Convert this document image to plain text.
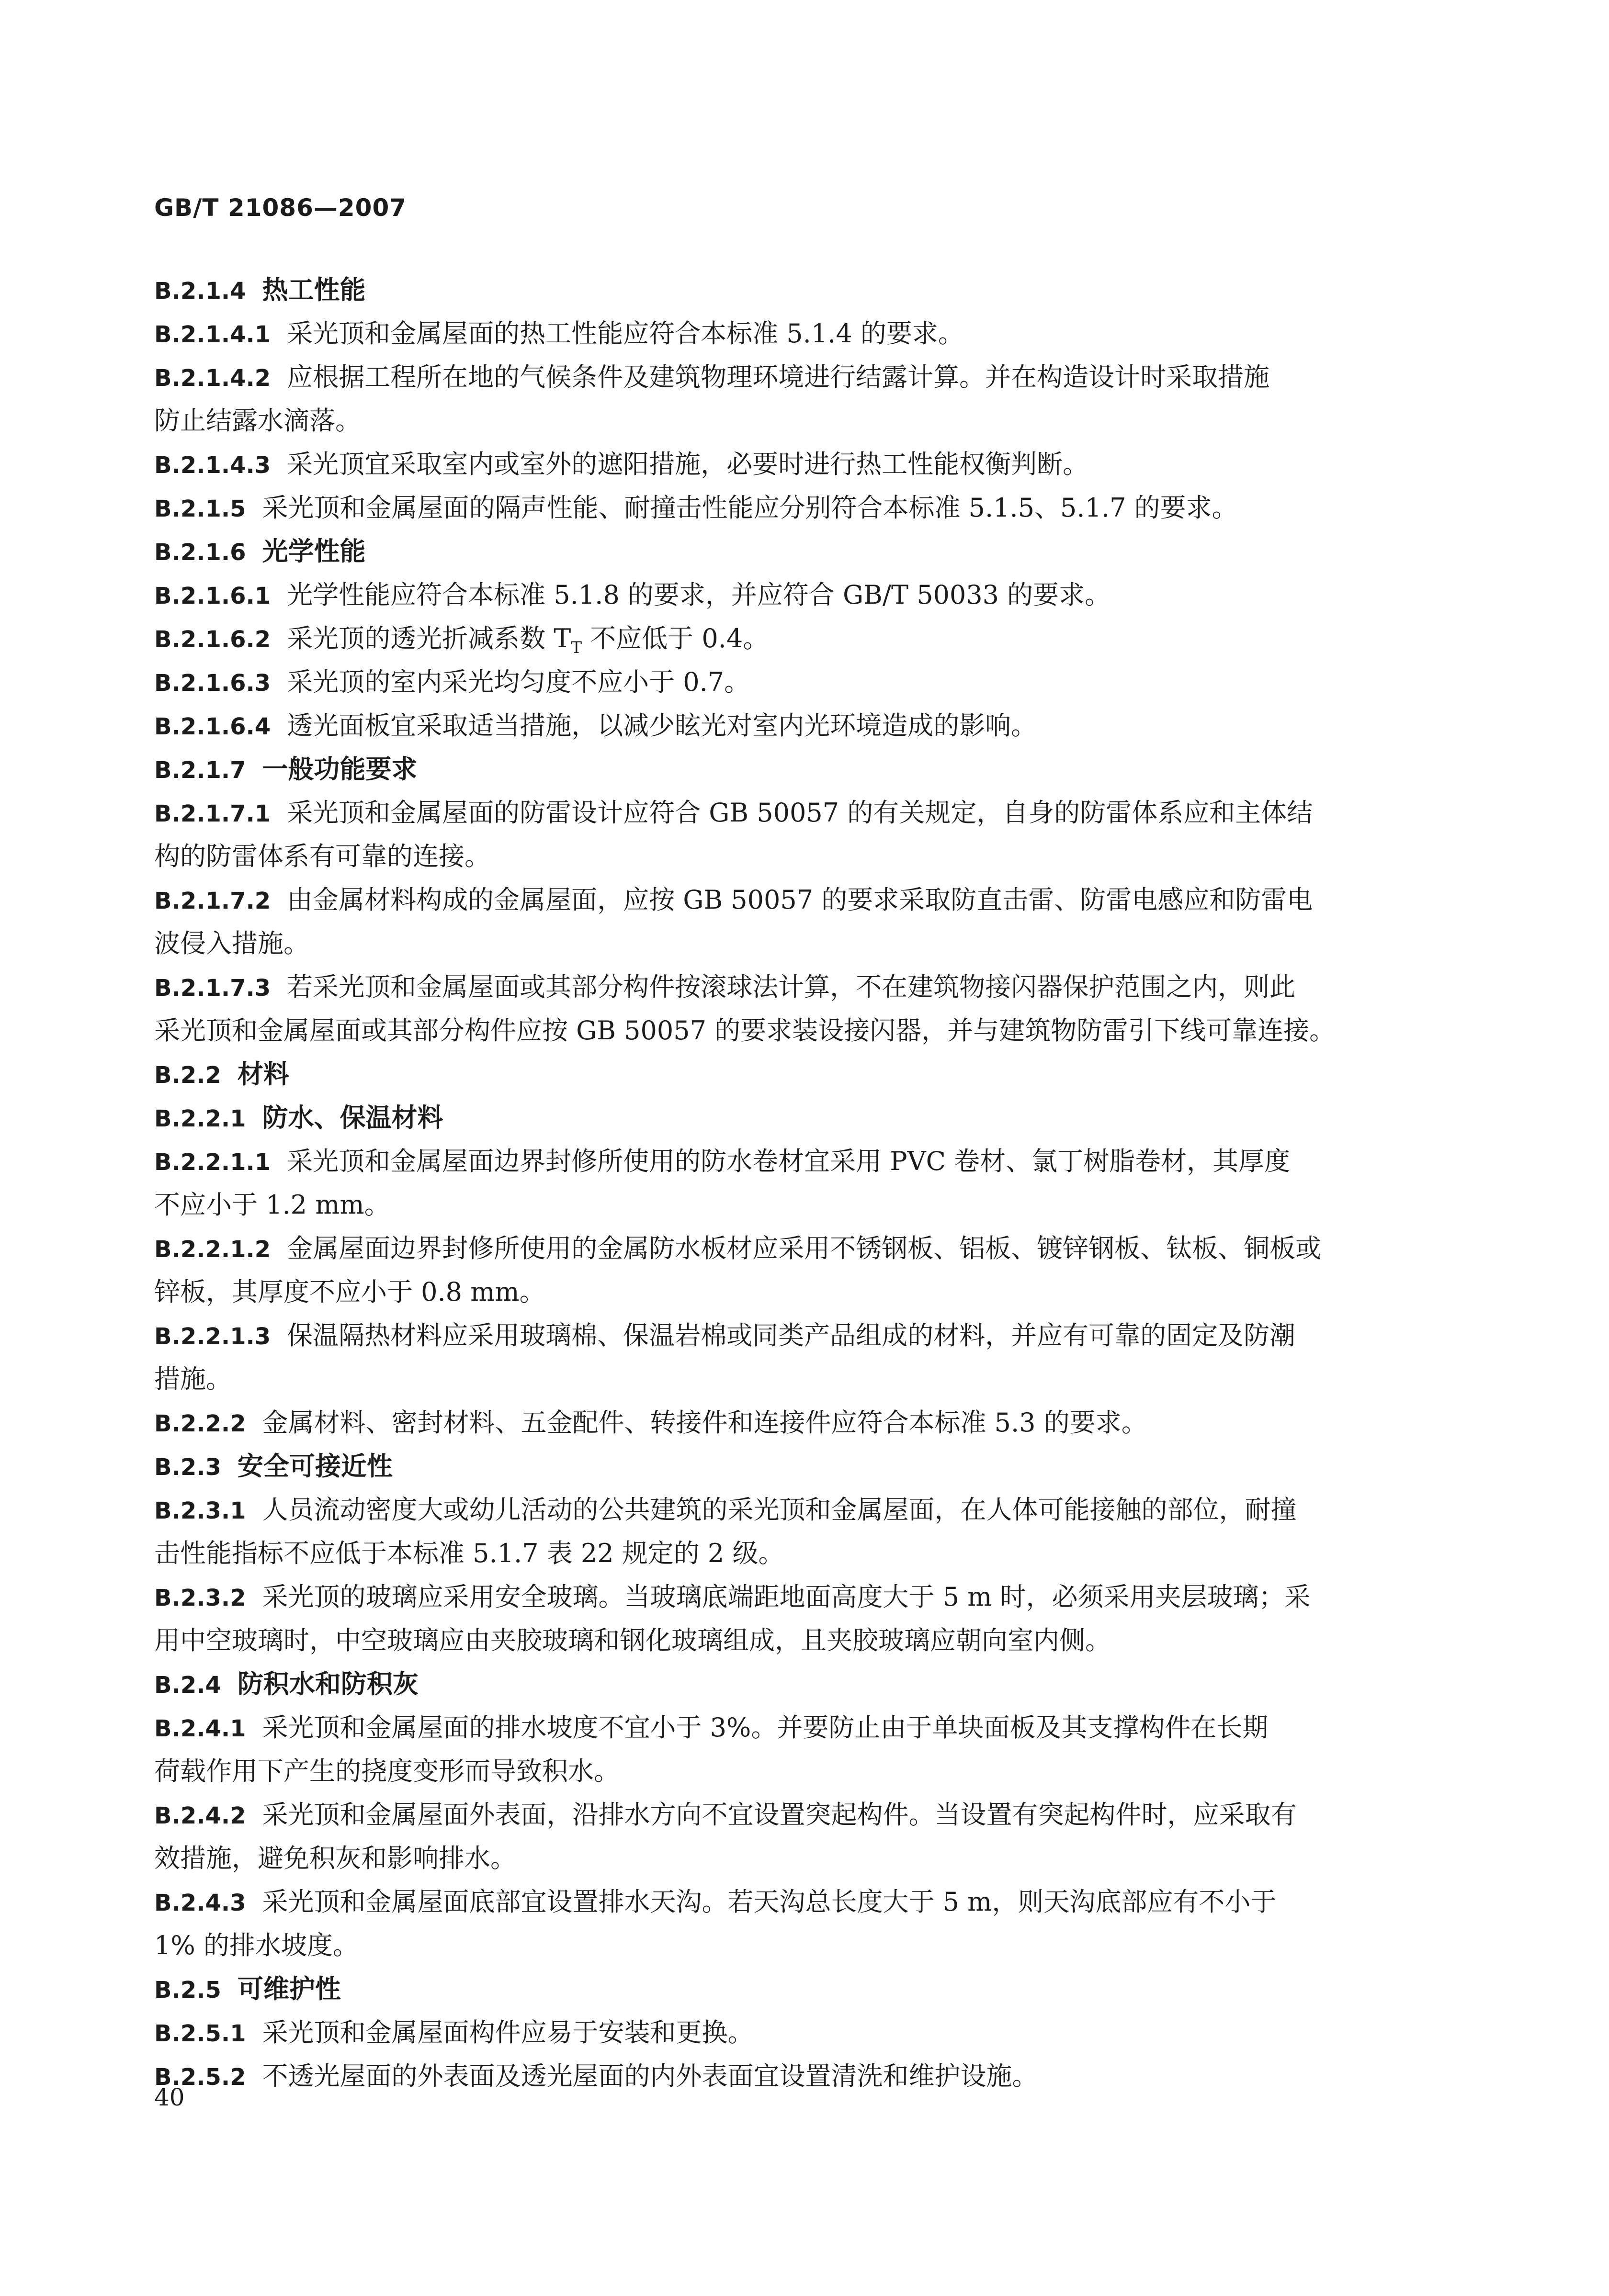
GB/T 21086—2007
B.2.1.4 热工性能
B.2.1.4.1 采光顶和金属屋面的热工性能应符合本标准 5.1.4 的要求。
B.2.1.4.2 应根据工程所在地的气候条件及建筑物理环境进行结露计算。并在构造设计时采取措施
防止结露水滴落。
B.2.1.4.3 采光顶宜采取室内或室外的遮阳措施，必要时进行热工性能权衡判断。
B.2.1.5 采光顶和金属屋面的隔声性能、耐撞击性能应分别符合本标准 5.1.5、5.1.7 的要求。
B.2.1.6 光学性能
B.2.1.6.1 光学性能应符合本标准 5.1.8 的要求，并应符合 GB/T 50033 的要求。
B.2.1.6.2 采光顶的透光折减系数 $T_T$ 不应低于 0.4。
B.2.1.6.3 采光顶的室内采光均匀度不应小于 0.7。
B.2.1.6.4 透光面板宜采取适当措施，以减少眩光对室内光环境造成的影响。
B.2.1.7 一般功能要求
B.2.1.7.1 采光顶和金属屋面的防雷设计应符合 GB 50057 的有关规定，自身的防雷体系应和主体结
构的防雷体系有可靠的连接。
B.2.1.7.2 由金属材料构成的金属屋面，应按 GB 50057 的要求采取防直击雷、防雷电感应和防雷电
波侵入措施。
B.2.1.7.3 若采光顶和金属屋面或其部分构件按滚球法计算，不在建筑物接闪器保护范围之内，则此
采光顶和金属屋面或其部分构件应按 GB 50057 的要求装设接闪器，并与建筑物防雷引下线可靠连接。
B.2.2 材料
B.2.2.1 防水、保温材料
B.2.2.1.1 采光顶和金属屋面边界封修所使用的防水卷材宜采用 PVC 卷材、氯丁树脂卷材，其厚度
不应小于 1.2 mm。
B.2.2.1.2 金属屋面边界封修所使用的金属防水板材应采用不锈钢板、铝板、镀锌钢板、钛板、铜板或
锌板，其厚度不应小于 0.8 mm。
B.2.2.1.3 保温隔热材料应采用玻璃棉、保温岩棉或同类产品组成的材料，并应有可靠的固定及防潮
措施。
B.2.2.2 金属材料、密封材料、五金配件、转接件和连接件应符合本标准 5.3 的要求。
B.2.3 安全可接近性
B.2.3.1 人员流动密度大或幼儿活动的公共建筑的采光顶和金属屋面，在人体可能接触的部位，耐撞
击性能指标不应低于本标准 5.1.7 表 22 规定的 2 级。
B.2.3.2 采光顶的玻璃应采用安全玻璃。当玻璃底端距地面高度大于 5 m 时，必须采用夹层玻璃；采
用中空玻璃时，中空玻璃应由夹胶玻璃和钢化玻璃组成，且夹胶玻璃应朝向室内侧。
B.2.4 防积水和防积灰
B.2.4.1 采光顶和金属屋面的排水坡度不宜小于 3%。并要防止由于单块面板及其支撑构件在长期
荷载作用下产生的挠度变形而导致积水。
B.2.4.2 采光顶和金属屋面外表面，沿排水方向不宜设置突起构件。当设置有突起构件时，应采取有
效措施，避免积灰和影响排水。
B.2.4.3 采光顶和金属屋面底部宜设置排水天沟。若天沟总长度大于 5 m，则天沟底部应有不小于
1% 的排水坡度。
B.2.5 可维护性
B.2.5.1 采光顶和金属屋面构件应易于安装和更换。
B.2.5.2 不透光屋面的外表面及透光屋面的内外表面宜设置清洗和维护设施。
40
